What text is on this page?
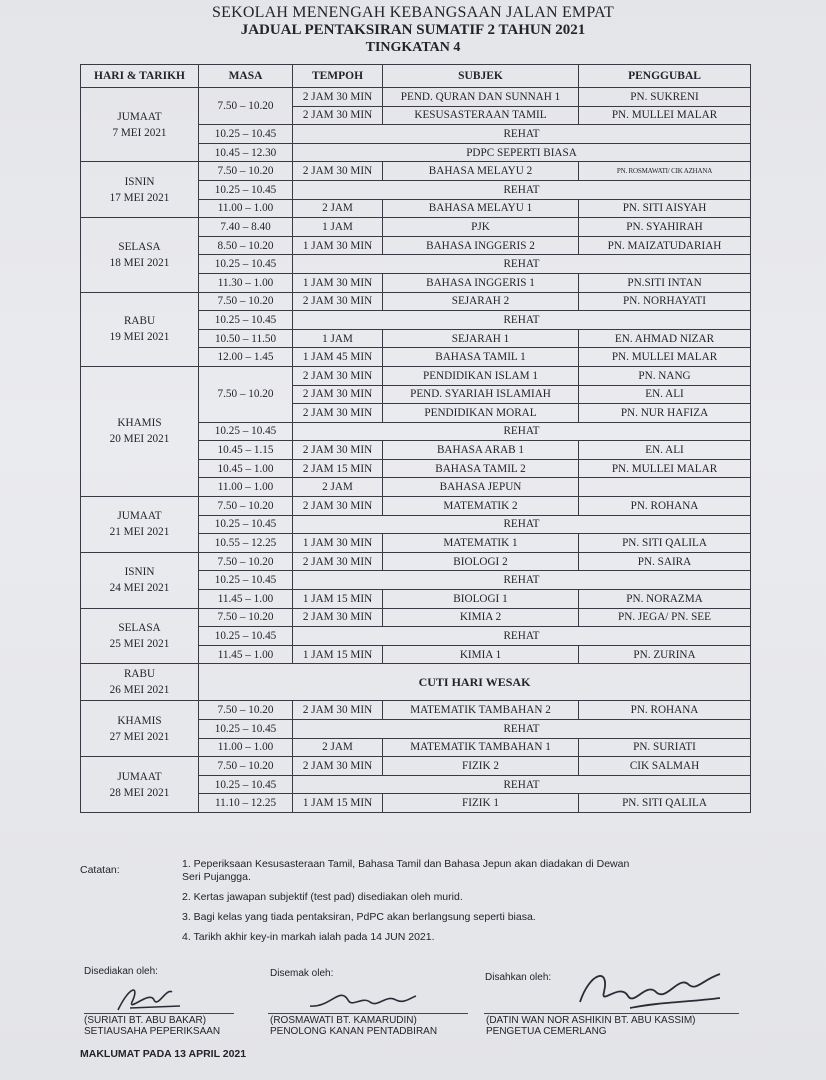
SEKOLAH MENENGAH KEBANGSAAN JALAN EMPAT
JADUAL PENTAKSIRAN SUMATIF 2 TAHUN 2021
TINGKATAN 4
HARI & TARIKH	MASA	TEMPOH	SUBJEK	PENGGUBAL
JUMAAT
7 MEI 2021	7.50 – 10.20	2 JAM 30 MIN	PEND. QURAN DAN SUNNAH 1	PN. SUKRENI
		2 JAM 30 MIN	KESUSASTERAAN TAMIL	PN. MULLEI MALAR
	10.25 – 10.45	REHAT		
	10.45 – 12.30	PDPC SEPERTI BIASA		
ISNIN
17 MEI 2021	7.50 – 10.20	2 JAM 30 MIN	BAHASA MELAYU 2	PN. ROSMAWATI/ CIK AZHANA
	10.25 – 10.45	REHAT		
	11.00 – 1.00	2 JAM	BAHASA MELAYU 1	PN. SITI AISYAH
SELASA
18 MEI 2021	7.40 – 8.40	1 JAM	PJK	PN. SYAHIRAH
	8.50 – 10.20	1 JAM 30 MIN	BAHASA INGGERIS 2	PN. MAIZATUDARIAH
	10.25 – 10.45	REHAT		
	11.30 – 1.00	1 JAM 30 MIN	BAHASA INGGERIS 1	PN.SITI INTAN
RABU
19 MEI 2021	7.50 – 10.20	2 JAM 30 MIN	SEJARAH 2	PN. NORHAYATI
	10.25 – 10.45	REHAT		
	10.50 – 11.50	1 JAM	SEJARAH 1	EN. AHMAD NIZAR
	12.00 – 1.45	1 JAM 45 MIN	BAHASA TAMIL 1	PN. MULLEI MALAR
KHAMIS
20 MEI 2021	7.50 – 10.20	2 JAM 30 MIN	PENDIDIKAN ISLAM 1	PN. NANG
		2 JAM 30 MIN	PEND. SYARIAH ISLAMIAH	EN. ALI
		2 JAM 30 MIN	PENDIDIKAN MORAL	PN. NUR HAFIZA
	10.25 – 10.45	REHAT		
	10.45 – 1.15	2 JAM 30 MIN	BAHASA ARAB 1	EN. ALI
	10.45 – 1.00	2 JAM 15 MIN	BAHASA TAMIL 2	PN. MULLEI MALAR
	11.00 – 1.00	2 JAM	BAHASA JEPUN	
JUMAAT
21 MEI 2021	7.50 – 10.20	2 JAM 30 MIN	MATEMATIK 2	PN. ROHANA
	10.25 – 10.45	REHAT		
	10.55 – 12.25	1 JAM 30 MIN	MATEMATIK 1	PN. SITI QALILA
ISNIN
24 MEI 2021	7.50 – 10.20	2 JAM 30 MIN	BIOLOGI 2	PN. SAIRA
	10.25 – 10.45	REHAT		
	11.45 – 1.00	1 JAM 15 MIN	BIOLOGI 1	PN. NORAZMA
SELASA
25 MEI 2021	7.50 – 10.20	2 JAM 30 MIN	KIMIA 2	PN. JEGA/ PN. SEE
	10.25 – 10.45	REHAT		
	11.45 – 1.00	1 JAM 15 MIN	KIMIA 1	PN. ZURINA
RABU
26 MEI 2021	CUTI HARI WESAK			
KHAMIS
27 MEI 2021	7.50 – 10.20	2 JAM 30 MIN	MATEMATIK TAMBAHAN 2	PN. ROHANA
	10.25 – 10.45	REHAT		
	11.00 – 1.00	2 JAM	MATEMATIK TAMBAHAN 1	PN. SURIATI
JUMAAT
28 MEI 2021	7.50 – 10.20	2 JAM 30 MIN	FIZIK 2	CIK SALMAH
	10.25 – 10.45	REHAT		
	11.10 – 12.25	1 JAM 15 MIN	FIZIK 1	PN. SITI QALILA
Catatan:	1. Peperiksaan Kesusasteraan Tamil, Bahasa Tamil dan Bahasa Jepun akan diadakan di Dewan Seri Pujangga.
2. Kertas jawapan subjektif (test pad) disediakan oleh murid.
3. Bagi kelas yang tiada pentaksiran, PdPC akan berlangsung seperti biasa.
4. Tarikh akhir key-in markah ialah pada 14 JUN 2021.
Disediakan oleh:
(SURIATI BT. ABU BAKAR)
SETIAUSAHA PEPERIKSAAN
Disemak oleh:
(ROSMAWATI BT. KAMARUDIN)
PENOLONG KANAN PENTADBIRAN
Disahkan oleh:
(DATIN WAN NOR ASHIKIN BT. ABU KASSIM)
PENGETUA CEMERLANG
MAKLUMAT PADA 13 APRIL 2021
